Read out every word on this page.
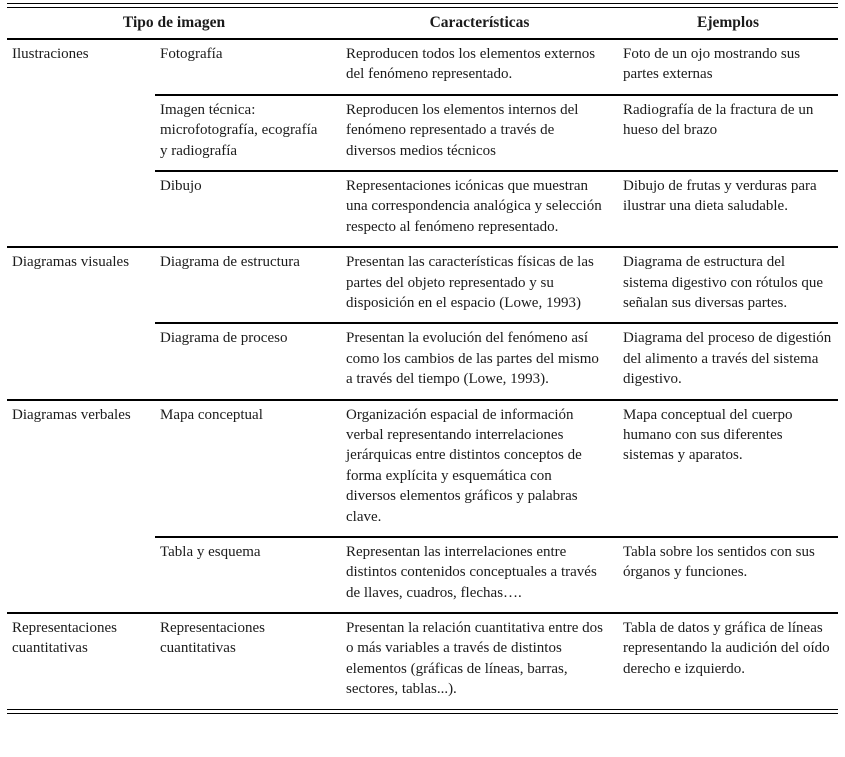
Tipo de imagen		Características	Ejemplos
Ilustraciones	Fotografía	Reproducen todos los elementos externos del fenómeno representado.	Foto de un ojo mostrando sus partes externas
	Imagen técnica: microfotografía, ecografía y radiografía	Reproducen los elementos internos del fenómeno representado a través de diversos medios técnicos	Radiografía de la fractura de un hueso del brazo
	Dibujo	Representaciones icónicas que muestran una correspondencia analógica y selección respecto al fenómeno representado.	Dibujo de frutas y verduras para ilustrar una dieta saludable.
Diagramas visuales	Diagrama de estructura	Presentan las características físicas de las partes del objeto representado y su disposición en el espacio (Lowe, 1993)	Diagrama de estructura del sistema digestivo con rótulos que señalan sus diversas partes.
	Diagrama de proceso	Presentan la evolución del fenómeno así como los cambios de las partes del mismo a través del tiempo (Lowe, 1993).	Diagrama del proceso de digestión del alimento a través del sistema digestivo.
Diagramas verbales	Mapa conceptual	Organización espacial de información verbal representando interrelaciones jerárquicas entre distintos conceptos de forma explícita y esquemática con diversos elementos gráficos y palabras clave.	Mapa conceptual del cuerpo humano con sus diferentes sistemas y aparatos.
	Tabla y esquema	Representan las interrelaciones entre distintos contenidos conceptuales a través de llaves, cuadros, flechas….	Tabla sobre los sentidos con sus órganos y funciones.
Representaciones cuantitativas	Representaciones cuantitativas	Presentan la relación cuantitativa entre dos o más variables a través de distintos elementos (gráficas de líneas, barras, sectores, tablas...).	Tabla de datos y gráfica de líneas representando la audición del oído derecho e izquierdo.
